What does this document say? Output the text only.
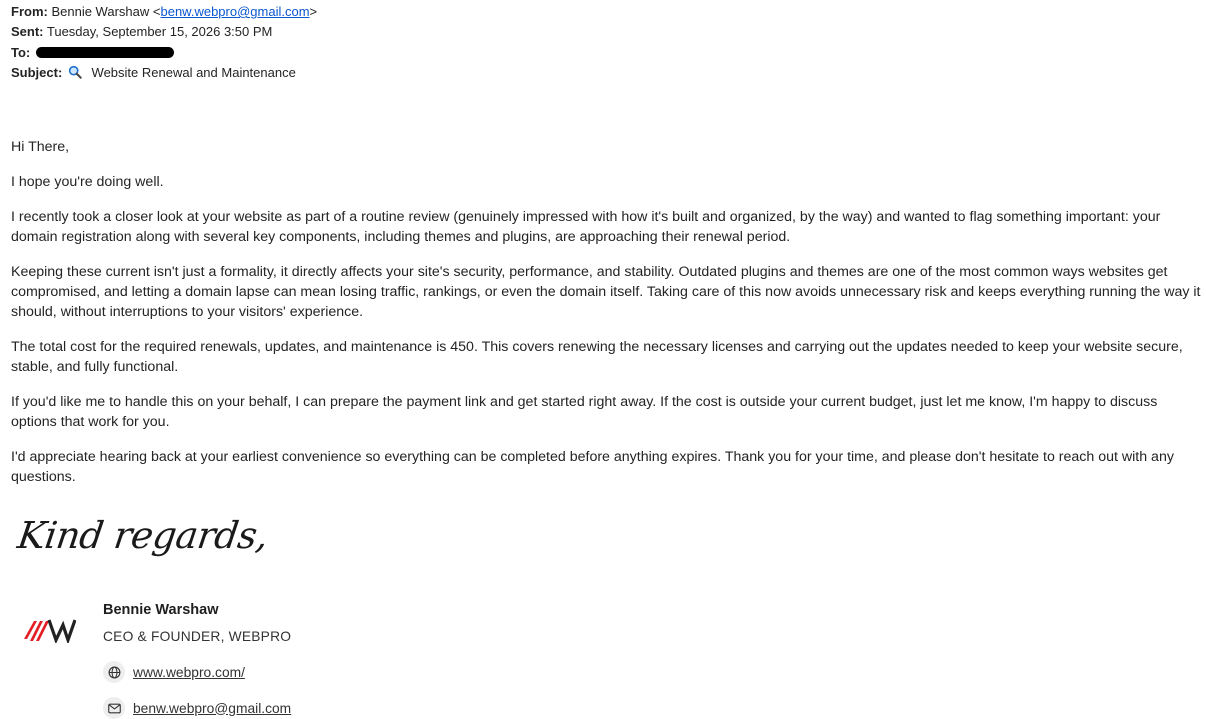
From: Bennie Warshaw <benw.webpro@gmail.com>
Sent: Tuesday, September 15, 2026 3:50 PM
To:
Subject: Website Renewal and Maintenance

Hi There,

I hope you're doing well.

I recently took a closer look at your website as part of a routine review (genuinely impressed with how it's built and organized, by the way) and wanted to flag something important: your domain registration along with several key components, including themes and plugins, are approaching their renewal period.

Keeping these current isn't just a formality, it directly affects your site's security, performance, and stability. Outdated plugins and themes are one of the most common ways websites get compromised, and letting a domain lapse can mean losing traffic, rankings, or even the domain itself. Taking care of this now avoids unnecessary risk and keeps everything running the way it should, without interruptions to your visitors' experience.

The total cost for the required renewals, updates, and maintenance is 450. This covers renewing the necessary licenses and carrying out the updates needed to keep your website secure, stable, and fully functional.

If you'd like me to handle this on your behalf, I can prepare the payment link and get started right away. If the cost is outside your current budget, just let me know, I'm happy to discuss options that work for you.

I'd appreciate hearing back at your earliest convenience so everything can be completed before anything expires. Thank you for your time, and please don't hesitate to reach out with any questions.

Kind regards,
Bennie Warshaw
CEO & FOUNDER, WEBPRO
www.webpro.com/
benw.webpro@gmail.com
